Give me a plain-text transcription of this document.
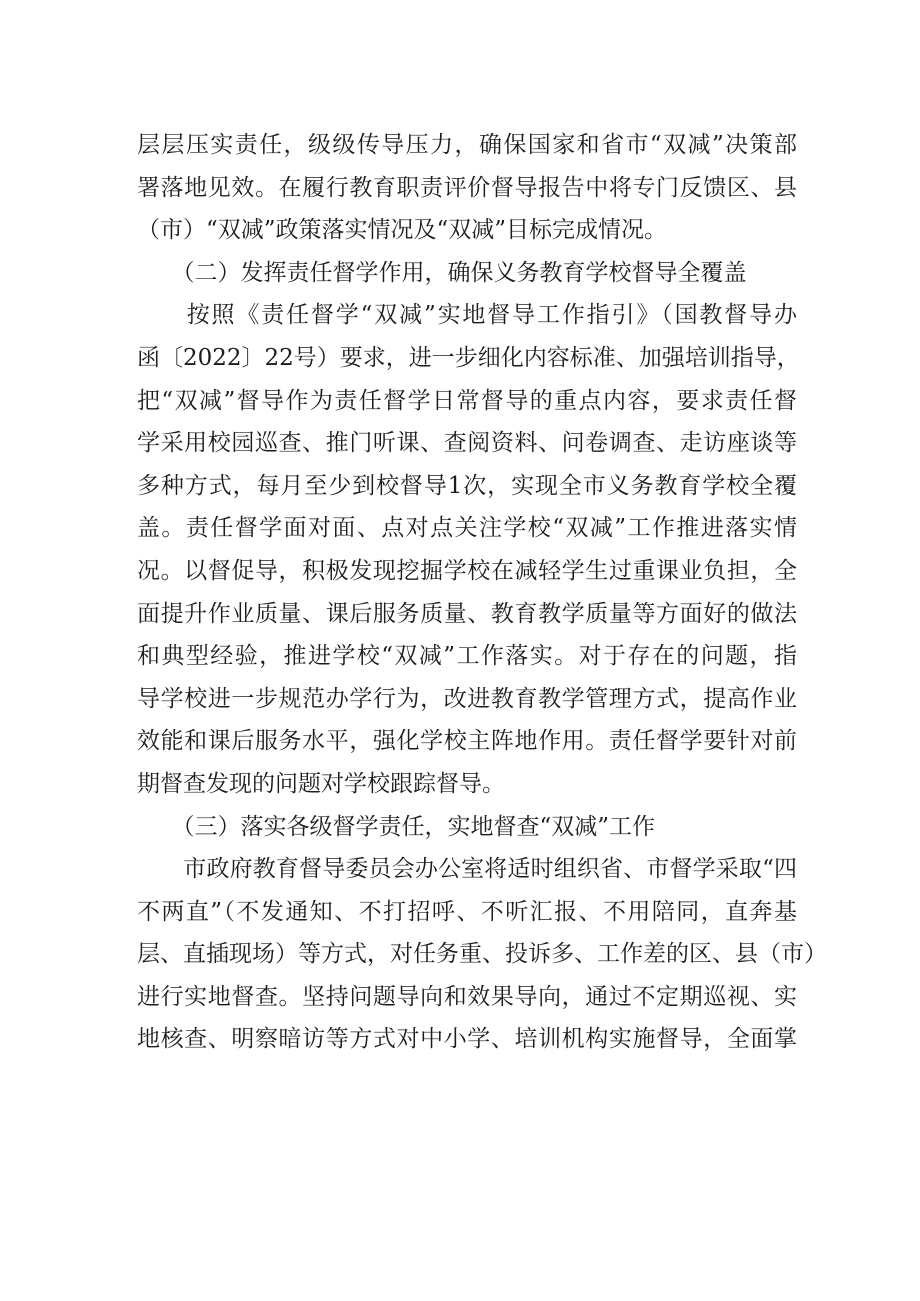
层层压实责任，级级传导压力，确保国家和省市“双减”决策部
署落地见效。在履行教育职责评价督导报告中将专门反馈区、县
（市）“双减”政策落实情况及“双减”目标完成情况。
　　（二）发挥责任督学作用，确保义务教育学校督导全覆盖
　　按照《责任督学“双减”实地督导工作指引》（国教督导办
函〔2022〕22号）要求，进一步细化内容标准、加强培训指导，
把“双减”督导作为责任督学日常督导的重点内容，要求责任督
学采用校园巡查、推门听课、查阅资料、问卷调查、走访座谈等
多种方式，每月至少到校督导1次，实现全市义务教育学校全覆
盖。责任督学面对面、点对点关注学校“双减”工作推进落实情
况。以督促导，积极发现挖掘学校在减轻学生过重课业负担，全
面提升作业质量、课后服务质量、教育教学质量等方面好的做法
和典型经验，推进学校“双减”工作落实。对于存在的问题，指
导学校进一步规范办学行为，改进教育教学管理方式，提高作业
效能和课后服务水平，强化学校主阵地作用。责任督学要针对前
期督查发现的问题对学校跟踪督导。
　　（三）落实各级督学责任，实地督查“双减”工作
　　市政府教育督导委员会办公室将适时组织省、市督学采取“四
不两直”（不发通知、不打招呼、不听汇报、不用陪同，直奔基
层、直插现场）等方式，对任务重、投诉多、工作差的区、县（市）
进行实地督查。坚持问题导向和效果导向，通过不定期巡视、实
地核查、明察暗访等方式对中小学、培训机构实施督导，全面掌
